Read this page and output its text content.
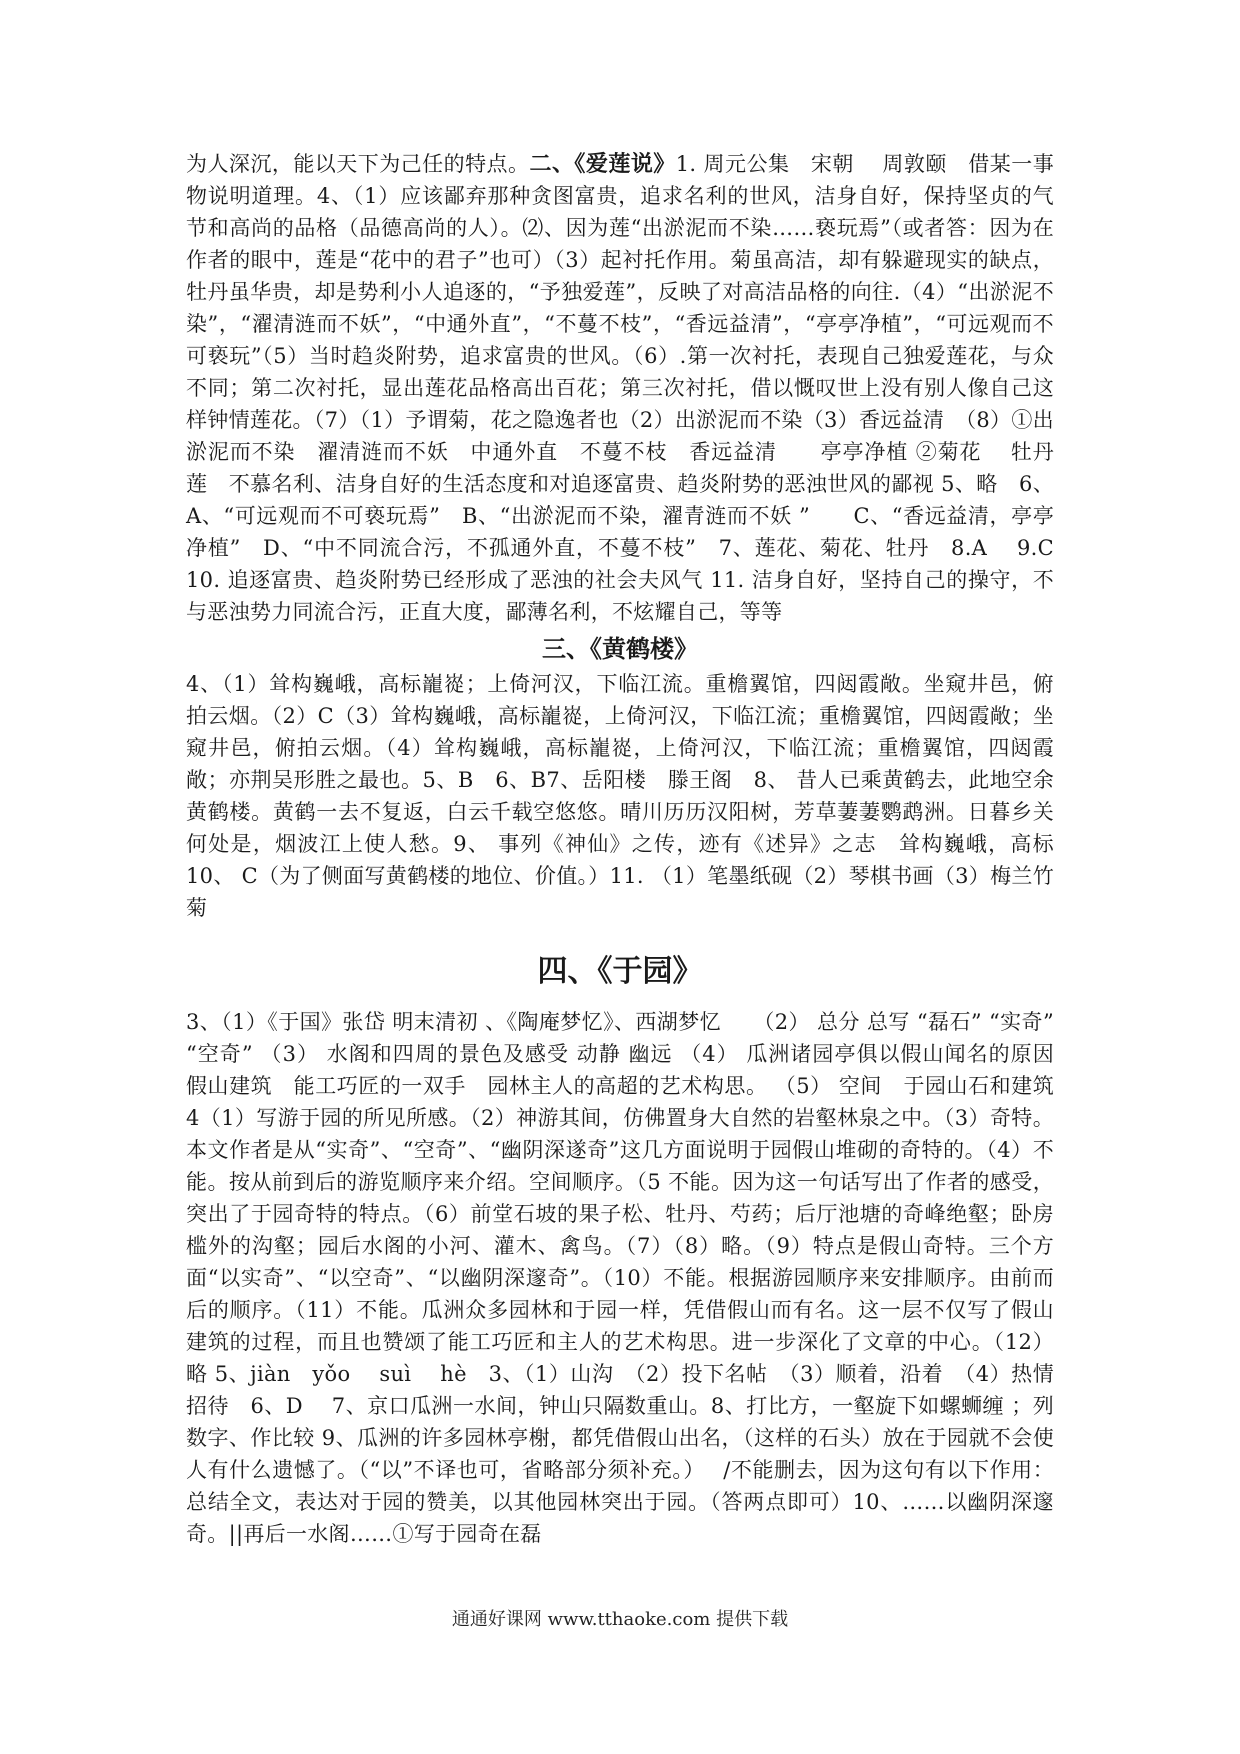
为人深沉，能以天下为己任的特点。二、《爱莲说》1. 周元公集　宋朝　 周敦颐　借某一事物说明道理。4、（1）应该鄙弃那种贪图富贵，追求名利的世风，洁身自好，保持坚贞的气节和高尚的品格（品德高尚的人）。⑵、因为莲“出淤泥而不染……亵玩焉”（或者答：因为在作者的眼中，莲是“花中的君子”也可）（3）起衬托作用。菊虽高洁，却有躲避现实的缺点，牡丹虽华贵，却是势利小人追逐的，“予独爱莲”，反映了对高洁品格的向往.（4）“出淤泥不染”，“濯清涟而不妖”，“中通外直”，“不蔓不枝”，“香远益清”，“亭亭净植”，“可远观而不可亵玩”（5）当时趋炎附势，追求富贵的世风。（6）.第一次衬托，表现自己独爱莲花，与众不同；第二次衬托，显出莲花品格高出百花；第三次衬托，借以慨叹世上没有别人像自己这样钟情莲花。（7）（1）予谓菊，花之隐逸者也（2）出淤泥而不染（3）香远益清　（8）①出淤泥而不染　濯清涟而不妖　中通外直　不蔓不枝　香远益清　　亭亭净植 ②菊花　 牡丹　莲　不慕名利、洁身自好的生活态度和对追逐富贵、趋炎附势的恶浊世风的鄙视 5、略　6、A、“可远观而不可亵玩焉”　B、“出淤泥而不染，濯青涟而不妖 ”　　C、“香远益清，亭亭净植”　D、“中不同流合污，不孤通外直，不蔓不枝”　7、莲花、菊花、牡丹　8.A　 9.C　10. 追逐富贵、趋炎附势已经形成了恶浊的社会夫风气 11. 洁身自好，坚持自己的操守，不与恶浊势力同流合污，正直大度，鄙薄名利，不炫耀自己，等等

三、《黄鹤楼》

4、（1）耸构巍峨，高标巃嵸；上倚河汉，下临江流。重檐翼馆，四闼霞敞。坐窥井邑，俯拍云烟。（2）C（3）耸构巍峨，高标巃嵸，上倚河汉，下临江流；重檐翼馆，四闼霞敞；坐窥井邑，俯拍云烟。（4）耸构巍峨，高标巃嵸，上倚河汉，下临江流；重檐翼馆，四闼霞敞；亦荆吴形胜之最也。5、B　6、B7、岳阳楼　滕王阁　8、 昔人已乘黄鹤去，此地空余黄鹤楼。黄鹤一去不复返，白云千载空悠悠。晴川历历汉阳树，芳草萋萋鹦鹉洲。日暮乡关何处是，烟波江上使人愁。9、 事列《神仙》之传，迹有《述异》之志　耸构巍峨，高标　 10、 C（为了侧面写黄鹤楼的地位、价值。）11. （1）笔墨纸砚（2）琴棋书画（3）梅兰竹菊

四、《于园》

3、（1）《于国》张岱 明末清初 、《陶庵梦忆》、西湖梦忆　　（2） 总分 总写 “磊石” “实奇” “空奇” （3） 水阁和四周的景色及感受 动静 幽远 （4） 瓜洲诸园亭俱以假山闻名的原因　假山建筑　能工巧匠的一双手　园林主人的高超的艺术构思。 （5） 空间　于园山石和建筑 4（1）写游于园的所见所感。（2）神游其间，仿佛置身大自然的岩壑林泉之中。（3）奇特。本文作者是从“实奇”、“空奇”、“幽阴深遂奇”这几方面说明于园假山堆砌的奇特的。（4）不能。按从前到后的游览顺序来介绍。空间顺序。（5 不能。因为这一句话写出了作者的感受，突出了于园奇特的特点。（6）前堂石坡的果子松、牡丹、芍药；后厅池塘的奇峰绝壑；卧房槛外的沟壑；园后水阁的小河、灌木、禽鸟。（7）（8）略。（9）特点是假山奇特。三个方面“以实奇”、“以空奇”、“以幽阴深邃奇”。（10）不能。根据游园顺序来安排顺序。由前而后的顺序。（11）不能。瓜洲众多园林和于园一样，凭借假山而有名。这一层不仅写了假山建筑的过程，而且也赞颂了能工巧匠和主人的艺术构思。进一步深化了文章的中心。（12）略 5、jiàn　yǒo　 suì　 hè　3、（1）山沟　（2）投下名帖　（3）顺着，沿着　（4）热情招待　6、D　 7、京口瓜洲一水间，钟山只隔数重山。8、打比方，一壑旋下如螺蛳缠 ；列数字、作比较 9、瓜洲的许多园林亭榭，都凭借假山出名，（这样的石头）放在于园就不会使人有什么遗憾了。（“以”不译也可，省略部分须补充。）　 /不能删去，因为这句有以下作用：总结全文，表达对于园的赞美，以其他园林突出于园。（答两点即可）10、……以幽阴深邃奇。||再后一水阁……①写于园奇在磊

通通好课网 www.tthaoke.com 提供下载
